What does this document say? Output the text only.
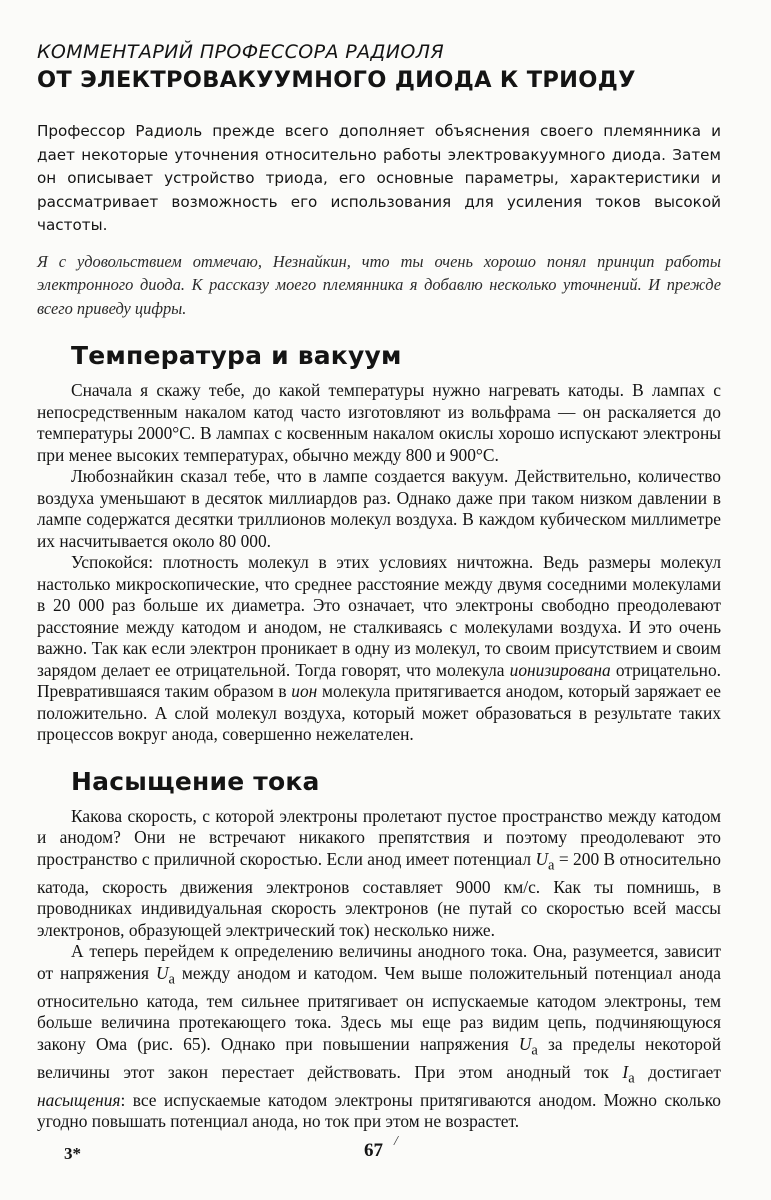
КОММЕНТАРИЙ ПРОФЕССОРА РАДИОЛЯ
ОТ ЭЛЕКТРОВАКУУМНОГО ДИОДА К ТРИОДУ

Профессор Радиоль прежде всего дополняет объяснения своего племянника и дает некоторые уточнения относительно работы электровакуумного диода. Затем он описывает устройство триода, его основные параметры, характеристики и рассматривает возможность его использования для усиления токов высокой частоты.

Я с удовольствием отмечаю, Незнайкин, что ты очень хорошо понял принцип работы электронного диода. К рассказу моего племянника я добавлю несколько уточнений. И прежде всего приведу цифры.

Температура и вакуум

Сначала я скажу тебе, до какой температуры нужно нагревать катоды. В лампах с непосредственным накалом катод часто изготовляют из вольфрама — он раскаляется до температуры 2000°С. В лампах с косвенным накалом окислы хорошо испускают электроны при менее высоких температурах, обычно между 800 и 900°С.

Любознайкин сказал тебе, что в лампе создается вакуум. Действительно, количество воздуха уменьшают в десяток миллиардов раз. Однако даже при таком низком давлении в лампе содержатся десятки триллионов молекул воздуха. В каждом кубическом миллиметре их насчитывается около 80 000.

Успокойся: плотность молекул в этих условиях ничтожна. Ведь размеры молекул настолько микроскопические, что среднее расстояние между двумя соседними молекулами в 20 000 раз больше их диаметра. Это означает, что электроны свободно преодолевают расстояние между катодом и анодом, не сталкиваясь с молекулами воздуха. И это очень важно. Так как если электрон проникает в одну из молекул, то своим присутствием и своим зарядом делает ее отрицательной. Тогда говорят, что молекула ионизирована отрицательно. Превратившаяся таким образом в ион молекула притягивается анодом, который заряжает ее положительно. А слой молекул воздуха, который может образоваться в результате таких процессов вокруг анода, совершенно нежелателен.

Насыщение тока

Какова скорость, с которой электроны пролетают пустое пространство между катодом и анодом? Они не встречают никакого препятствия и поэтому преодолевают это пространство с приличной скоростью. Если анод имеет потенциал $U_а = 200$ В относительно катода, скорость движения электронов составляет 9000 км/с. Как ты помнишь, в проводниках индивидуальная скорость электронов (не путай со скоростью всей массы электронов, образующей электрический ток) несколько ниже.

А теперь перейдем к определению величины анодного тока. Она, разумеется, зависит от напряжения $U_а$ между анодом и катодом. Чем выше положительный потенциал анода относительно катода, тем сильнее притягивает он испускаемые катодом электроны, тем больше величина протекающего тока. Здесь мы еще раз видим цепь, подчиняющуюся закону Ома (рис. 65). Однако при повышении напряжения $U_а$ за пределы некоторой величины этот закон перестает действовать. При этом анодный ток $I_а$ достигает насыщения: все испускаемые катодом электроны притягиваются анодом. Можно сколько угодно повышать потенциал анода, но ток при этом не возрастет.

3*	67 /
